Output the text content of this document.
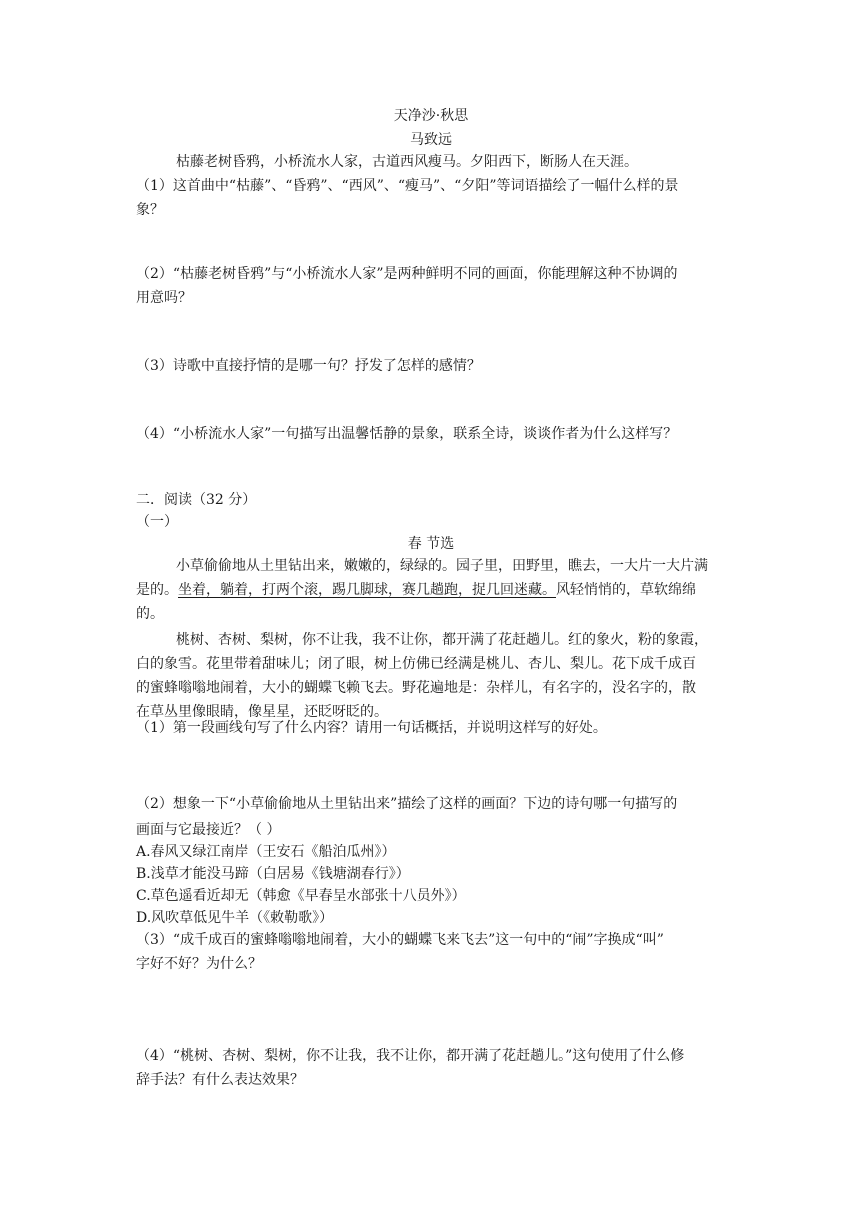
天净沙·秋思
马致远
枯藤老树昏鸦，小桥流水人家，古道西风瘦马。夕阳西下，断肠人在天涯。
（1）这首曲中“枯藤”、“昏鸦”、“西风”、“瘦马”、“夕阳”等词语描绘了一幅什么样的景
象？
（2）“枯藤老树昏鸦”与“小桥流水人家”是两种鲜明不同的画面，你能理解这种不协调的
用意吗？
（3）诗歌中直接抒情的是哪一句？抒发了怎样的感情？
（4）“小桥流水人家”一句描写出温馨恬静的景象，联系全诗，谈谈作者为什么这样写？
二．阅读（32 分）
（一）
春 节选
小草偷偷地从土里钻出来，嫩嫩的，绿绿的。园子里，田野里，瞧去，一大片一大片满
是的。坐着，躺着，打两个滚，踢几脚球，赛几趟跑，捉几回迷藏。风轻悄悄的，草软绵绵
的。
桃树、杏树、梨树，你不让我，我不让你，都开满了花赶趟儿。红的象火，粉的象霞，
白的象雪。花里带着甜味儿；闭了眼，树上仿佛已经满是桃儿、杏儿、梨儿。花下成千成百
的蜜蜂嗡嗡地闹着，大小的蝴蝶飞赖飞去。野花遍地是：杂样儿，有名字的，没名字的，散
在草丛里像眼睛，像星星，还眨呀眨的。
（1）第一段画线句写了什么内容？请用一句话概括，并说明这样写的好处。
（2）想象一下“小草偷偷地从土里钻出来”描绘了这样的画面？下边的诗句哪一句描写的
画面与它最接近？（ ）
A.春风又绿江南岸（王安石《船泊瓜州》）
B.浅草才能没马蹄（白居易《钱塘湖春行》）
C.草色遥看近却无（韩愈《早春呈水部张十八员外》）
D.风吹草低见牛羊（《敕勒歌》）
（3）“成千成百的蜜蜂嗡嗡地闹着，大小的蝴蝶飞来飞去”这一句中的“闹”字换成“叫”
字好不好？为什么？
（4）“桃树、杏树、梨树，你不让我，我不让你，都开满了花赶趟儿。”这句使用了什么修
辞手法？有什么表达效果？
